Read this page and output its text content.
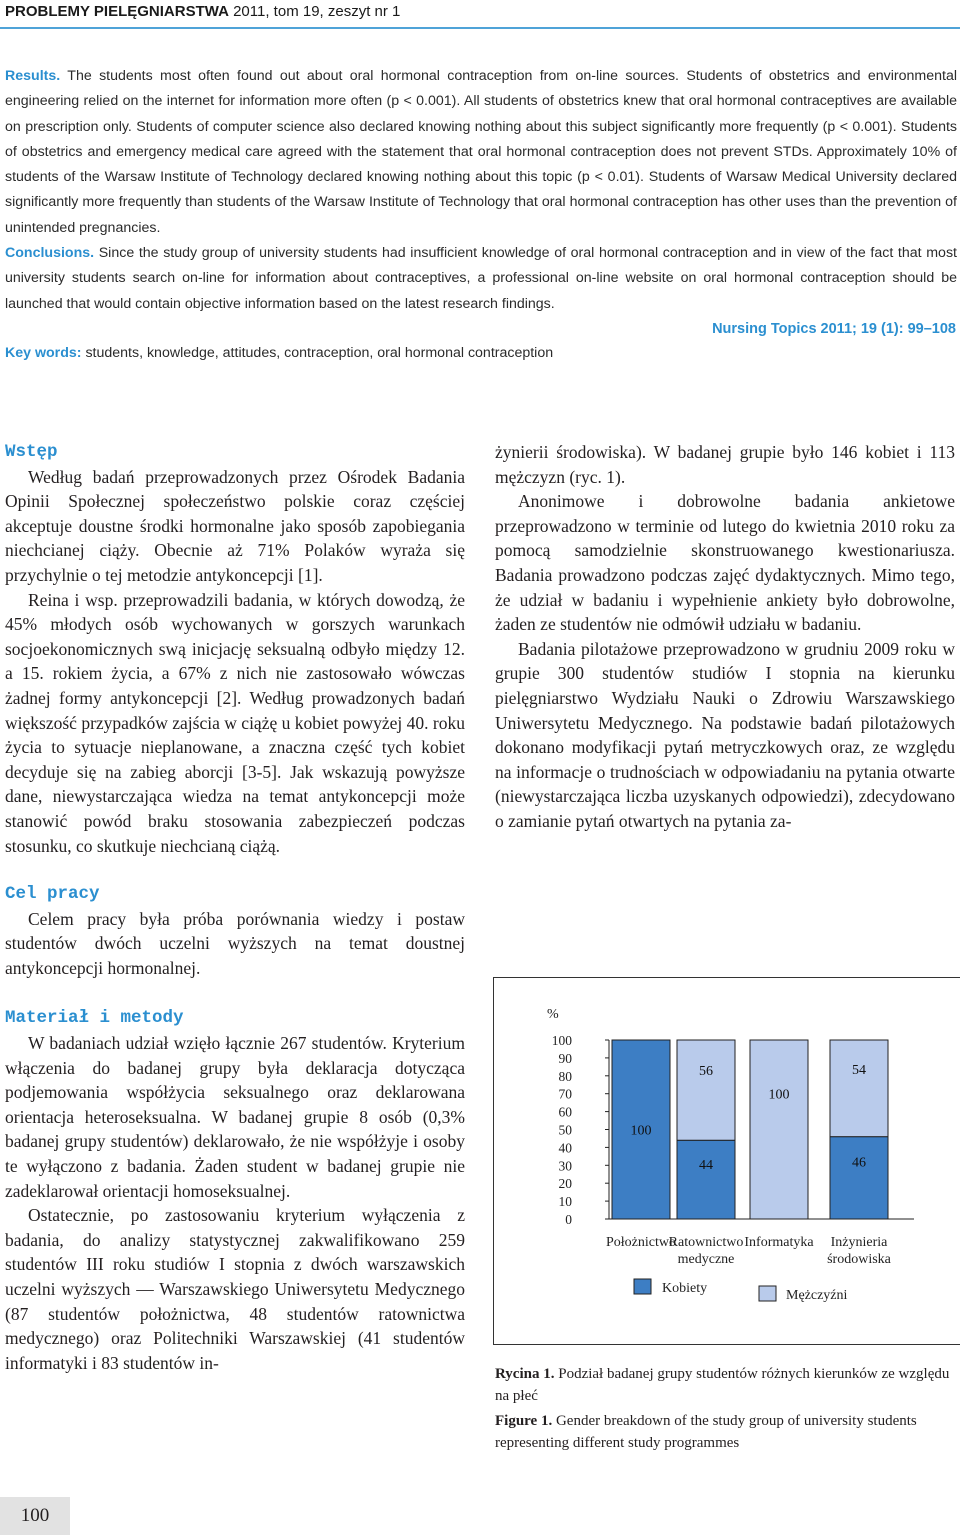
PROBLEMY PIELĘGNIARSTWA 2011, tom 19, zeszyt nr 1
Results. The students most often found out about oral hormonal contraception from on-line sources. Students of obstetrics and environmental engineering relied on the internet for information more often (p < 0.001). All students of obstetrics knew that oral hormonal contraceptives are available on prescription only. Students of computer science also declared knowing nothing about this subject significantly more frequently (p < 0.001). Students of obstetrics and emergency medical care agreed with the statement that oral hormonal contraception does not prevent STDs. Approximately 10% of students of the Warsaw Institute of Technology declared knowing nothing about this topic (p < 0.01). Students of Warsaw Medical University declared significantly more frequently than students of the Warsaw Institute of Technology that oral hormonal contraception has other uses than the prevention of unintended pregnancies.
Conclusions. Since the study group of university students had insufficient knowledge of oral hormonal contraception and in view of the fact that most university students search on-line for information about contraceptives, a professional on-line website on oral hormonal contraception should be launched that would contain objective information based on the latest research findings.
Nursing Topics 2011; 19 (1): 99–108
Key words: students, knowledge, attitudes, contraception, oral hormonal contraception
Wstęp

Według badań przeprowadzonych przez Ośrodek Badania Opinii Społecznej społeczeństwo polskie coraz częściej akceptuje doustne środki hormonalne jako sposób zapobiegania niechcianej ciąży. Obecnie aż 71% Polaków wyraża się przychylnie o tej metodzie antykoncepcji [1].

Reina i wsp. przeprowadzili badania, w których dowodzą, że 45% młodych osób wychowanych w gorszych warunkach socjoekonomicznych swą inicjację seksualną odbyło między 12. a 15. rokiem życia, a 67% z nich nie zastosowało wówczas żadnej formy antykoncepcji [2]. Według prowadzonych badań większość przypadków zajścia w ciążę u kobiet powyżej 40. roku życia to sytuacje nieplanowane, a znaczna część tych kobiet decyduje się na zabieg aborcji [3-5]. Jak wskazują powyższe dane, niewystarczająca wiedza na temat antykoncepcji może stanowić powód braku stosowania zabezpieczeń podczas stosunku, co skutkuje niechcianą ciążą.

Cel pracy

Celem pracy była próba porównania wiedzy i postaw studentów dwóch uczelni wyższych na temat doustnej antykoncepcji hormonalnej.

Materiał i metody

W badaniach udział wzięło łącznie 267 studentów. Kryterium włączenia do badanej grupy była deklaracja dotycząca podjemowania współżycia seksualnego oraz deklarowana orientacja heteroseksualna. W badanej grupie 8 osób (0,3% badanej grupy studentów) deklarowało, że nie współżyje i osoby te wyłączono z badania. Żaden student w badanej grupie nie zadeklarował orientacji homoseksualnej.

Ostatecznie, po zastosowaniu kryterium wyłączenia z badania, do analizy statystycznej zakwalifikowano 259 studentów III roku studiów I stopnia z dwóch warszawskich uczelni wyższych — Warszawskiego Uniwersytetu Medycznego (87 studentów położnictwa, 48 studentów ratownictwa medycznego) oraz Politechniki Warszawskiej (41 studentów informatyki i 83 studentów in-

żynierii środowiska). W badanej grupie było 146 kobiet i 113 mężczyzn (ryc. 1).

Anonimowe i dobrowolne badania ankietowe przeprowadzono w terminie od lutego do kwietnia 2010 roku za pomocą samodzielnie skonstruowanego kwestionariusza. Badania prowadzono podczas zajęć dydaktycznych. Mimo tego, że udział w badaniu i wypełnienie ankiety było dobrowolne, żaden ze studentów nie odmówił udziału w badaniu.

Badania pilotażowe przeprowadzono w grudniu 2009 roku w grupie 300 studentów studiów I stopnia na kierunku pielęgniarstwo Wydziału Nauki o Zdrowiu Warszawskiego Uniwersytetu Medycznego. Na podstawie badań pilotażowych dokonano modyfikacji pytań metryczkowych oraz, ze względu na informacje o trudnościach w odpowiadaniu na pytania otwarte (niewystarczająca liczba uzyskanych odpowiedzi), zdecydowano o zamianie pytań otwartych na pytania za-

%
0
10
20
30
40
50
60
70
80
90
100
100
Położnictwo
44
56
Ratownictwo
medyczne
100
Informatyka
46
54
Inżynieria
środowiska
Kobiety	Mężczyźni

Rycina 1. Podział badanej grupy studentów różnych kierunków ze względu na płeć

Figure 1. Gender breakdown of the study group of university students representing different study programmes

100
